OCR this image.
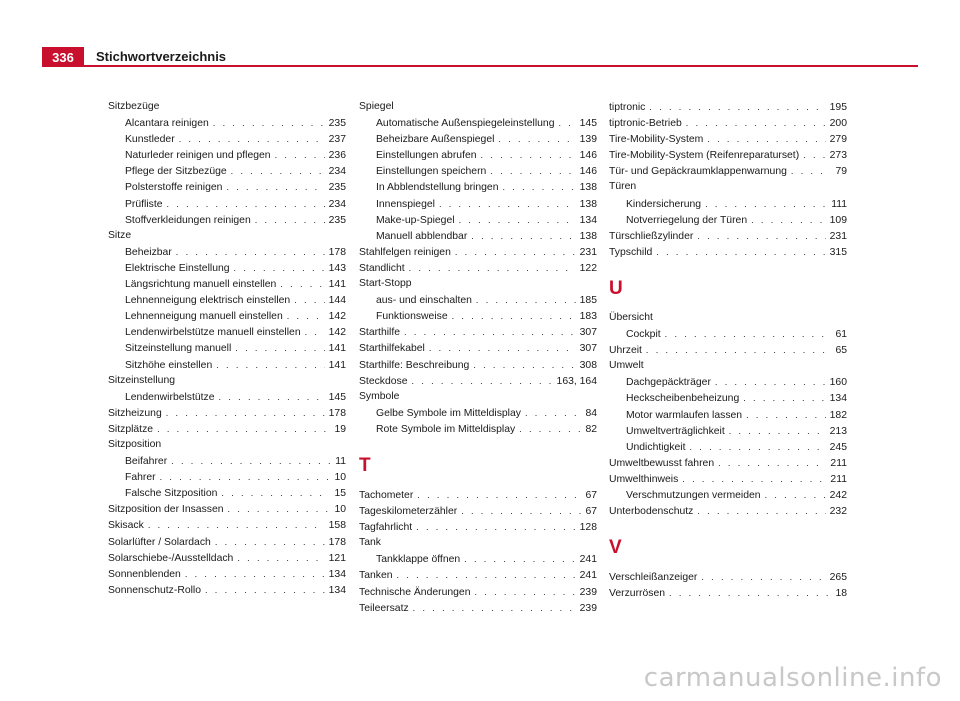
336 Stichwortverzeichnis
Sitzbezüge
Alcantara reinigen . . .	235
Kunstleder . . .	237
Naturleder reinigen und pflegen . . .	236
Pflege der Sitzbezüge . . .	234
Polsterstoffe reinigen . . .	235
Prüfliste . . .	234
Stoffverkleidungen reinigen . . .	235
Sitze
Beheizbar . . .	178
Elektrische Einstellung . . .	143
Längsrichtung manuell einstellen . . .	141
Lehnenneigung elektrisch einstellen . . .	144
Lehnenneigung manuell einstellen . . .	142
Lendenwirbelstütze manuell einstellen . . .	142
Sitzeinstellung manuell . . .	141
Sitzhöhe einstellen . . .	141
Sitzeinstellung
Lendenwirbelstütze . . .	145
Sitzheizung . . .	178
Sitzplätze . . .	19
Sitzposition
Beifahrer . . .	11
Fahrer . . .	10
Falsche Sitzposition . . .	15
Sitzposition der Insassen . . .	10
Skisack . . .	158
Solarlüfter / Solardach . . .	178
Solarschiebe-/Ausstelldach . . .	121
Sonnenblenden . . .	134
Sonnenschutz-Rollo . . .	134
Spiegel
Automatische Außenspiegeleinstellung . . . 145
Beheizbare Außenspiegel . . .	139
Einstellungen abrufen . . .	146
Einstellungen speichern . . .	146
In Abblendstellung bringen . . .	138
Innenspiegel . . .	138
Make-up-Spiegel . . .	134
Manuell abblendbar . . .	138
Stahlfelgen reinigen . . .	231
Standlicht . . .	122
Start-Stopp
aus- und einschalten . . .	185
Funktionsweise . . .	183
Starthilfe . . .	307
Starthilfekabel . . .	307
Starthilfe: Beschreibung . . .	308
Steckdose . . .	163, 164
Symbole
Gelbe Symbole im Mitteldisplay . . .	84
Rote Symbole im Mitteldisplay . . .	82
T
Tachometer . . .	67
Tageskilometerzähler . . .	67
Tagfahrlicht . . .	128
Tank
Tankklappe öffnen . . .	241
Tanken . . .	241
Technische Änderungen . . .	239
Teileersatz . . .	239
tiptronic . . .	195
tiptronic-Betrieb . . .	200
Tire-Mobility-System . . .	279
Tire-Mobility-System (Reifenreparaturset) . . .	273
Tür- und Gepäckraumklappenwarnung . . .	79
Türen
Kindersicherung . . .	111
Notverriegelung der Türen . . .	109
Türschließzylinder . . .	231
Typschild . . .	315
U
Übersicht
Cockpit . . .	61
Uhrzeit . . .	65
Umwelt
Dachgepäckträger . . .	160
Heckscheibenbeheizung . . .	134
Motor warmlaufen lassen . . .	182
Umweltverträglichkeit . . .	213
Undichtigkeit . . .	245
Umweltbewusst fahren . . .	211
Umwelthinweis . . .	211
Verschmutzungen vermeiden . . .	242
Unterbodenschutz . . .	232
V
Verschleißanzeiger . . .	265
Verzurrösen . . .	18
carmanualsonline.info
